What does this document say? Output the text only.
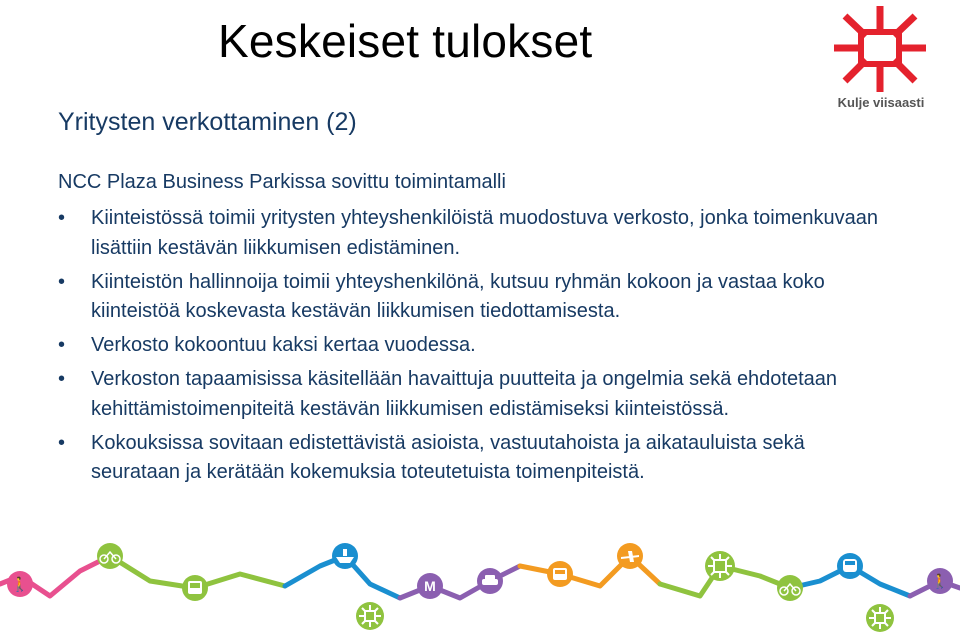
Keskeiset tulokset
Kulje viisaasti
Yritysten verkottaminen (2)

NCC Plaza Business Parkissa sovittu toimintamalli

• Kiinteistössä toimii yritysten yhteyshenkilöistä muodostuva verkosto, jonka toimenkuvaan lisättiin kestävän liikkumisen edistäminen.
• Kiinteistön hallinnoija toimii yhteyshenkilönä, kutsuu ryhmän kokoon ja vastaa koko kiinteistöä koskevasta kestävän liikkumisen tiedottamisesta.
• Verkosto kokoontuu kaksi kertaa vuodessa.
• Verkoston tapaamisissa käsitellään havaittuja puutteita ja ongelmia sekä ehdotetaan kehittämistoimenpiteitä kestävän liikkumisen edistämiseksi kiinteistössä.
• Kokouksissa sovitaan edistettävistä asioista, vastuutahoista ja aikatauluista sekä seurataan ja kerätään kokemuksia toteutetuista toimenpiteistä.
🚶	M	🚶
